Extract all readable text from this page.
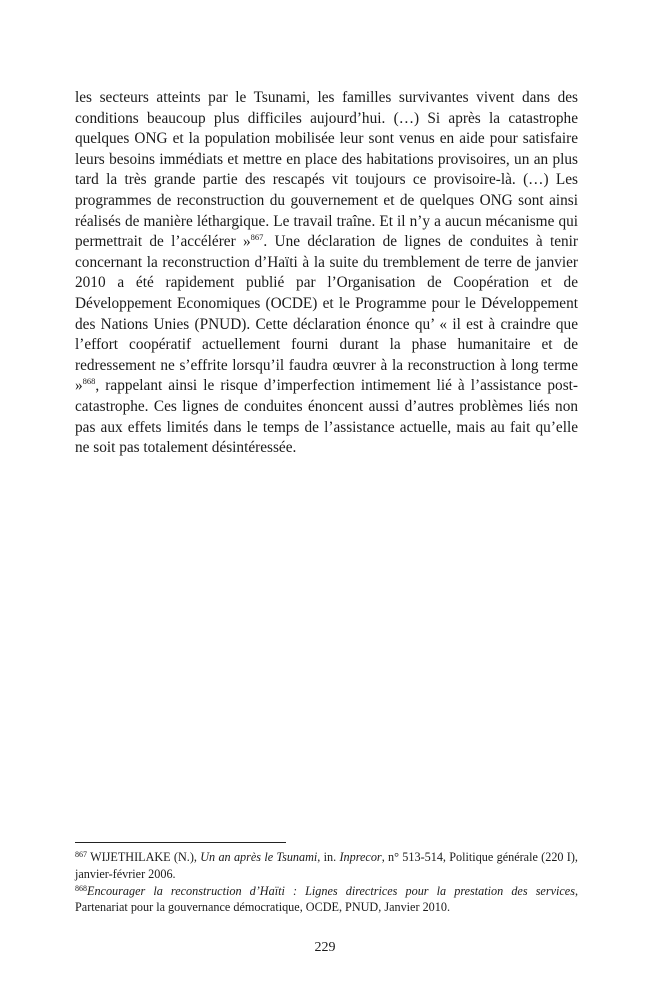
les secteurs atteints par le Tsunami, les familles survivantes vivent dans des conditions beaucoup plus difficiles aujourd’hui. (…) Si après la catastrophe quelques ONG et la population mobilisée leur sont venus en aide pour satisfaire leurs besoins immédiats et mettre en place des habitations provisoires, un an plus tard la très grande partie des rescapés vit toujours ce provisoire-là. (…) Les programmes de reconstruction du gouvernement et de quelques ONG sont ainsi réalisés de manière léthargique. Le travail traîne. Et il n’y a aucun mécanisme qui permettrait de l’accélérer »$^{867}$. Une déclaration de lignes de conduites à tenir concernant la reconstruction d’Haïti à la suite du tremblement de terre de janvier 2010 a été rapidement publié par l’Organisation de Coopération et de Développement Economiques (OCDE) et le Programme pour le Développement des Nations Unies (PNUD). Cette déclaration énonce qu’ « il est à craindre que l’effort coopératif actuellement fourni durant la phase humanitaire et de redressement ne s’effrite lorsqu’il faudra œuvrer à la reconstruction à long terme »$^{868}$, rappelant ainsi le risque d’imperfection intimement lié à l’assistance post-catastrophe. Ces lignes de conduites énoncent aussi d’autres problèmes liés non pas aux effets limités dans le temps de l’assistance actuelle, mais au fait qu’elle ne soit pas totalement désintéressée.

$^{867}$ WIJETHILAKE (N.), Un an après le Tsunami, in. Inprecor, n° 513-514, Politique générale (220 I), janvier-février 2006.

$^{868}$Encourager la reconstruction d’Haïti : Lignes directrices pour la prestation des services, Partenariat pour la gouvernance démocratique, OCDE, PNUD, Janvier 2010.

229
